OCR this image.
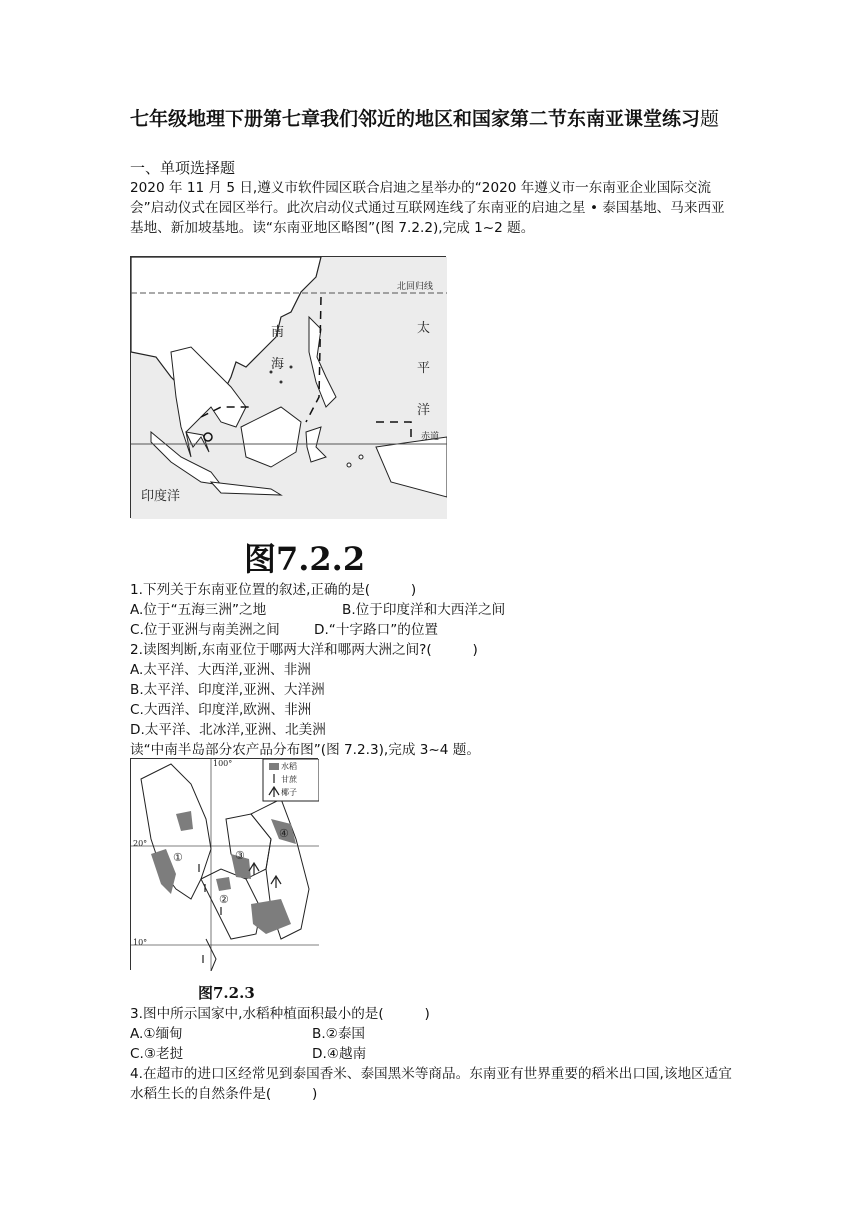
七年级地理下册第七章我们邻近的地区和国家第二节东南亚课堂练习题
一、单项选择题
2020 年 11 月 5 日,遵义市软件园区联合启迪之星举办的“2020 年遵义市一东南亚企业国际交流会”启动仪式在园区举行。此次启动仪式通过互联网连线了东南亚的启迪之星 • 泰国基地、马来西亚基地、新加坡基地。读“东南亚地区略图”(图 7.2.2),完成 1~2 题。
北回归线
南
海
太
平
洋
赤道
印度洋
图7.2.2
1.下列关于东南亚位置的叙述,正确的是(　　　)
A.位于“五海三洲”之地	B.位于印度洋和大西洋之间
C.位于亚洲与南美洲之间	D.“十字路口”的位置
2.读图判断,东南亚位于哪两大洋和哪两大洲之间?(　　　)
A.太平洋、大西洋,亚洲、非洲
B.太平洋、印度洋,亚洲、大洋洲
C.大西洋、印度洋,欧洲、非洲
D.太平洋、北冰洋,亚洲、北美洲
读“中南半岛部分农产品分布图”(图 7.2.3),完成 3~4 题。
水稻
甘蔗
椰子
100°
20°
10°
①
②
③
④
图7.2.3
3.图中所示国家中,水稻种植面积最小的是(　　　)
A.①缅甸	B.②泰国
C.③老挝	D.④越南
4.在超市的进口区经常见到泰国香米、泰国黑米等商品。东南亚有世界重要的稻米出口国,该地区适宜水稻生长的自然条件是(　　　)
